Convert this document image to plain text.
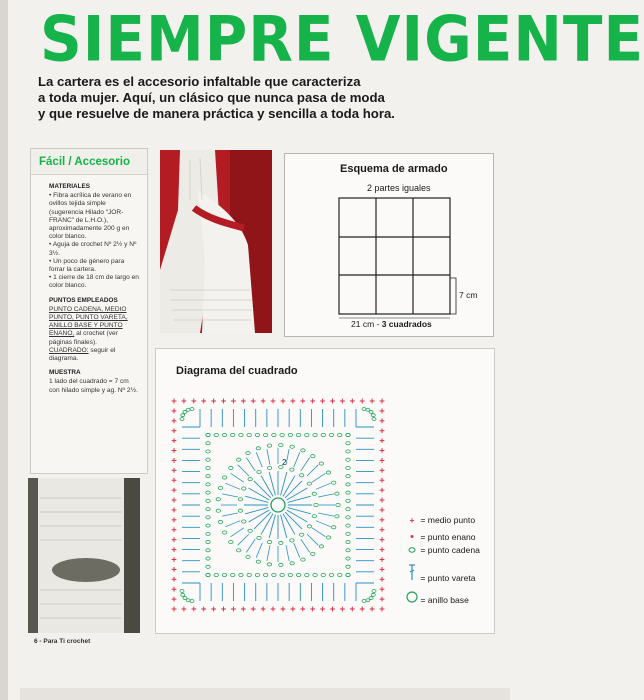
SIEMPRE VIGENTE
La cartera es el accesorio infaltable que caracteriza
a toda mujer. Aquí, un clásico que nunca pasa de moda
y que resuelve de manera práctica y sencilla a toda hora.
Fácil / Accesorio
MATERIALES

• Fibra acrílica de verano en ovillos tejida simple (sugerencia Hilado “JOR-FRANC” de L.H.O.), aproximadamente 200 g en color blanco.

• Aguja de crochet Nº 2½ y Nº 3½.

• Un poco de género para forrar la cartera.

• 1 cierre de 18 cm de largo en color blanco.

PUNTOS EMPLEADOS

PUNTO CADENA, MEDIO PUNTO, PUNTO VARETA, ANILLO BASE Y PUNTO ENANO, al crochet (ver páginas finales).

CUADRADO: seguir el diagrama.

MUESTRA

1 lado del cuadrado = 7 cm con hilado simple y ag. Nº 2½.

Esquema de armado
2 partes iguales
7 cm
21 cm - 3 cuadrados
Diagrama del cuadrado
2
+ = medio punto
• = punto enano
= punto cadena
= punto vareta
= anillo base
6 - Para Ti crochet
